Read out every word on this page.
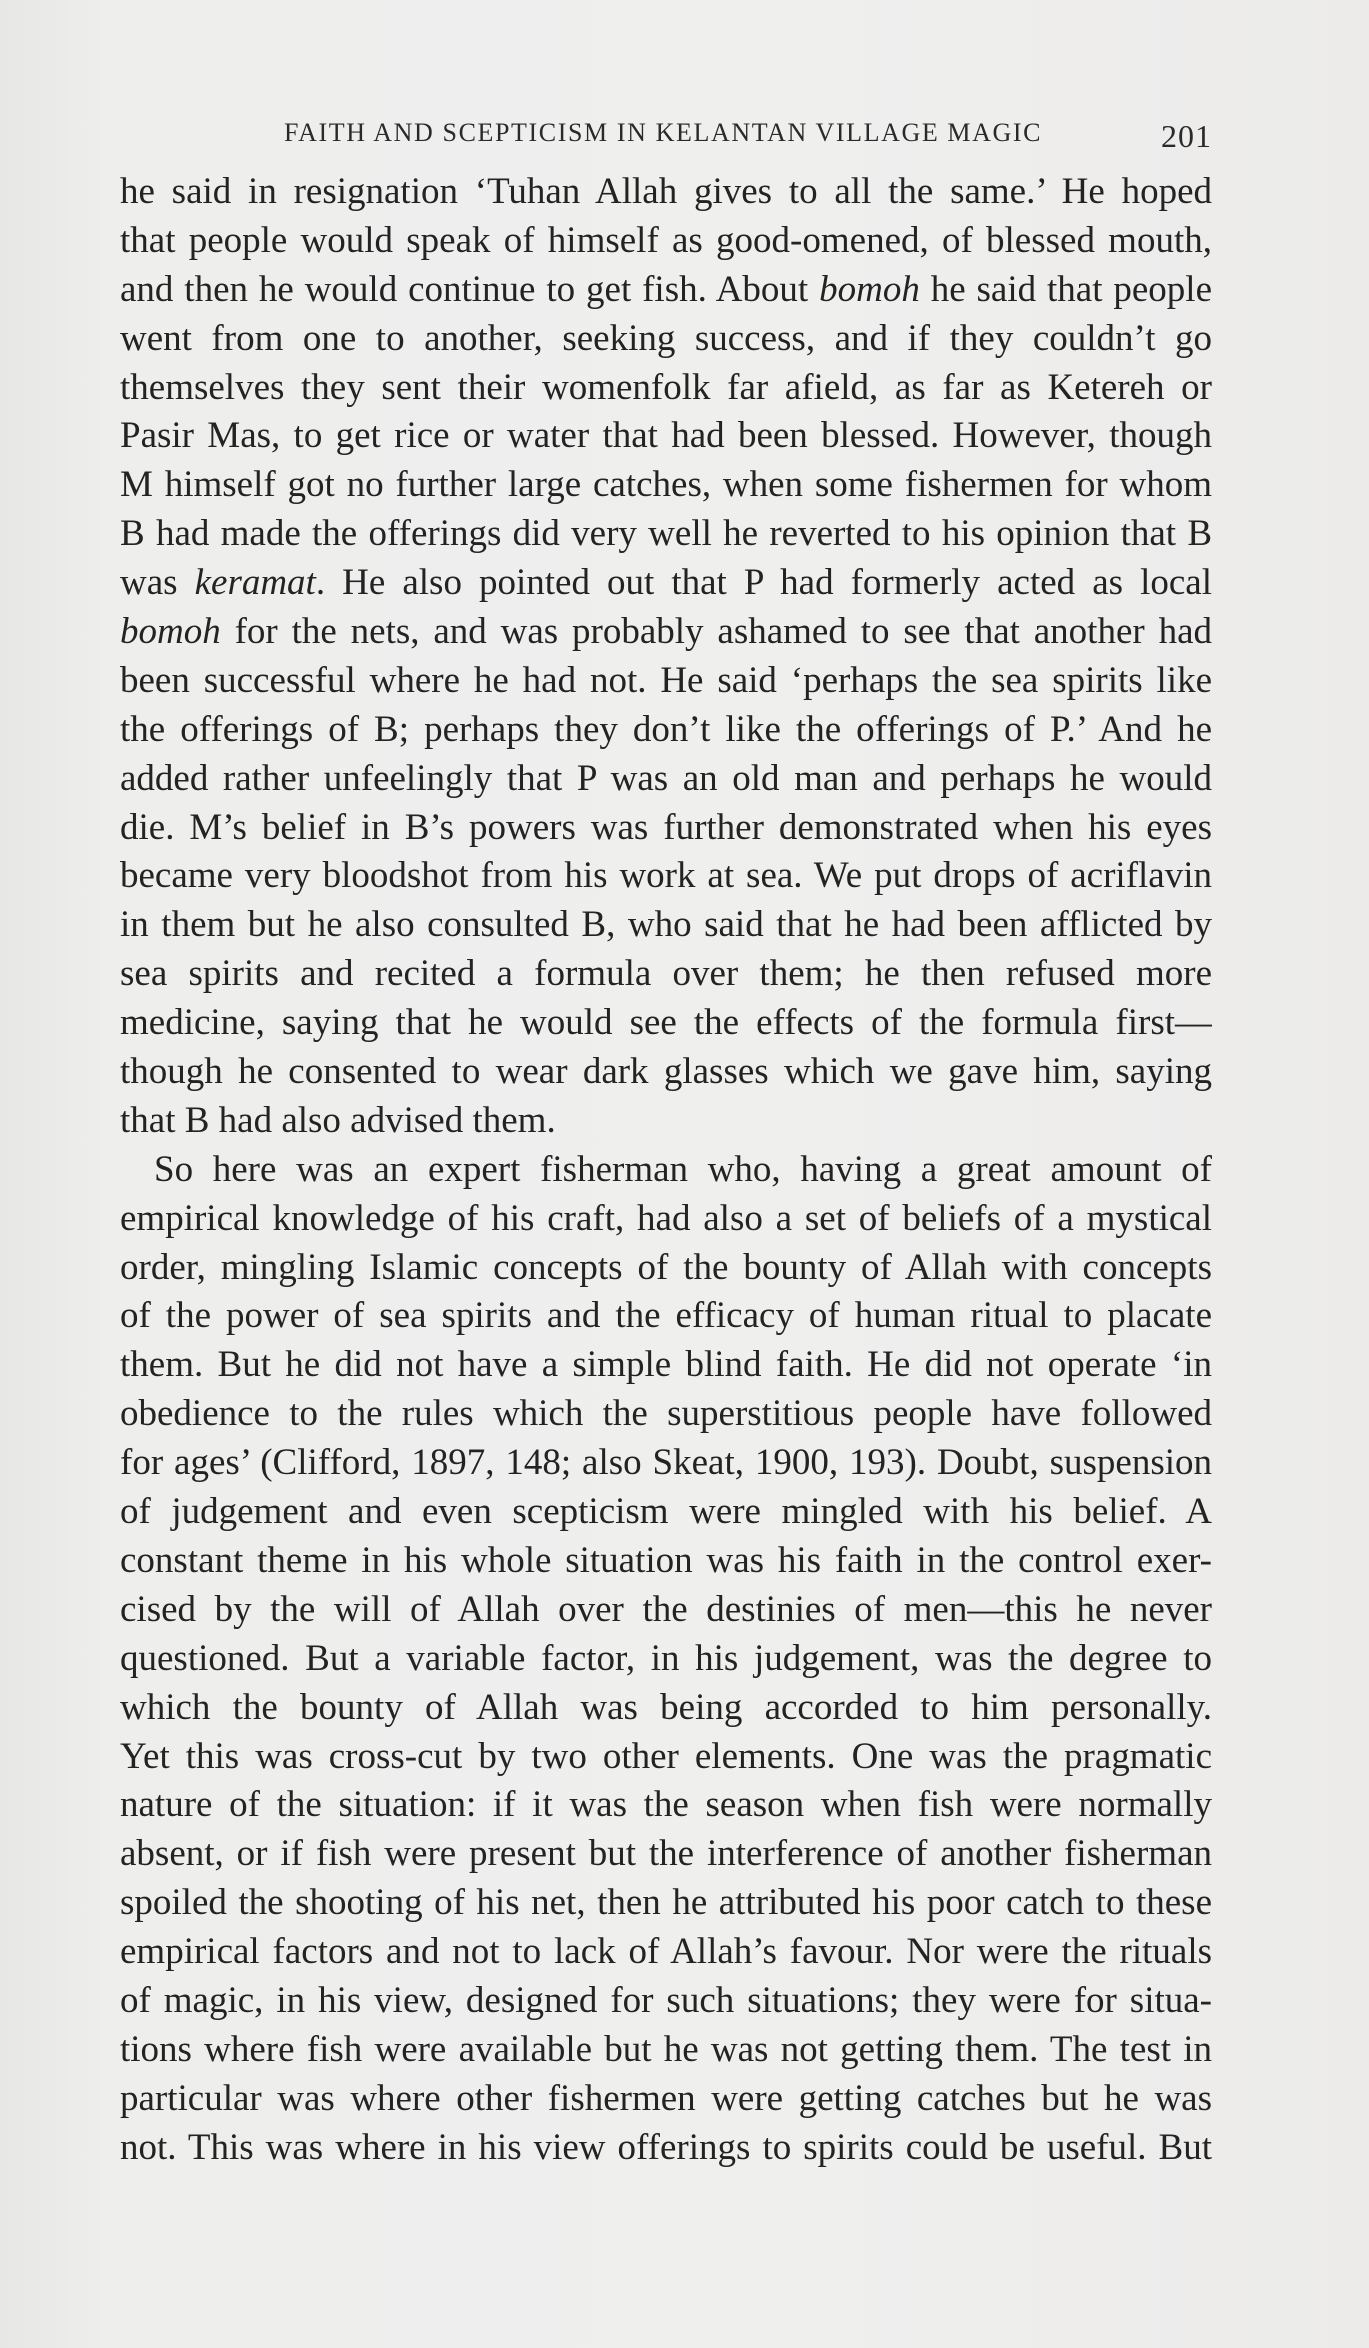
FAITH AND SCEPTICISM IN KELANTAN VILLAGE MAGIC	201
he said in resignation ‘Tuhan Allah gives to all the same.’ He hoped
that people would speak of himself as good-omened, of blessed mouth,
and then he would continue to get fish. About bomoh he said that people
went from one to another, seeking success, and if they couldn’t go
themselves they sent their womenfolk far afield, as far as Ketereh or
Pasir Mas, to get rice or water that had been blessed. However, though
M himself got no further large catches, when some fishermen for whom
B had made the offerings did very well he reverted to his opinion that B
was keramat. He also pointed out that P had formerly acted as local
bomoh for the nets, and was probably ashamed to see that another had
been successful where he had not. He said ‘perhaps the sea spirits like
the offerings of B; perhaps they don’t like the offerings of P.’ And he
added rather unfeelingly that P was an old man and perhaps he would
die. M’s belief in B’s powers was further demonstrated when his eyes
became very bloodshot from his work at sea. We put drops of acriflavin
in them but he also consulted B, who said that he had been afflicted by
sea spirits and recited a formula over them; he then refused more
medicine, saying that he would see the effects of the formula first—
though he consented to wear dark glasses which we gave him, saying
that B had also advised them.
So here was an expert fisherman who, having a great amount of
empirical knowledge of his craft, had also a set of beliefs of a mystical
order, mingling Islamic concepts of the bounty of Allah with concepts
of the power of sea spirits and the efficacy of human ritual to placate
them. But he did not have a simple blind faith. He did not operate ‘in
obedience to the rules which the superstitious people have followed
for ages’ (Clifford, 1897, 148; also Skeat, 1900, 193). Doubt, suspension
of judgement and even scepticism were mingled with his belief. A
constant theme in his whole situation was his faith in the control exer-
cised by the will of Allah over the destinies of men—this he never
questioned. But a variable factor, in his judgement, was the degree to
which the bounty of Allah was being accorded to him personally.
Yet this was cross-cut by two other elements. One was the pragmatic
nature of the situation: if it was the season when fish were normally
absent, or if fish were present but the interference of another fisherman
spoiled the shooting of his net, then he attributed his poor catch to these
empirical factors and not to lack of Allah’s favour. Nor were the rituals
of magic, in his view, designed for such situations; they were for situa-
tions where fish were available but he was not getting them. The test in
particular was where other fishermen were getting catches but he was
not. This was where in his view offerings to spirits could be useful. But
